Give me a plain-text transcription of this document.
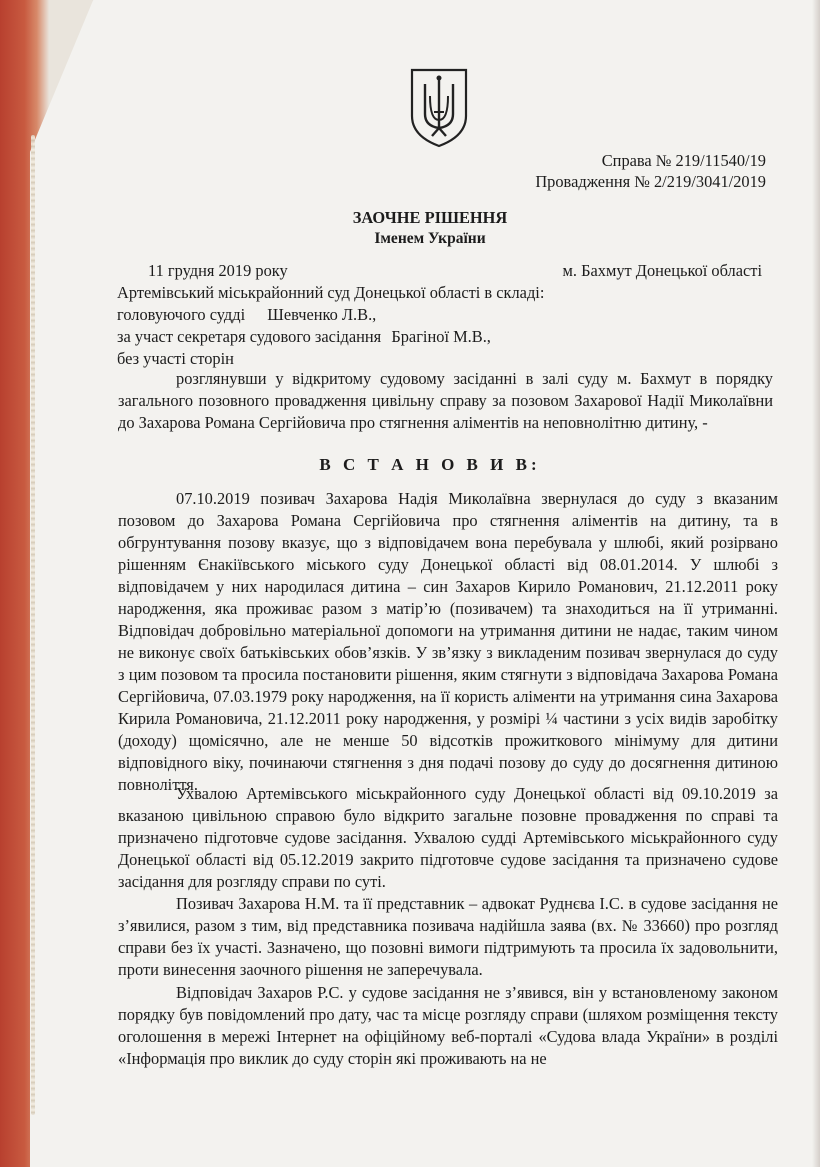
Справа № 219/11540/19
Провадження № 2/219/3041/2019
ЗАОЧНЕ РІШЕННЯ
Іменем України
11 грудня 2019 року	м. Бахмут Донецької області
Артемівський міськрайонний суд Донецької області в складі:
головуючого судді Шевченко Л.В.,
за участ секретаря судового засідання Брагіної М.В.,
без участі сторін
розглянувши у відкритому судовому засіданні в залі суду м. Бахмут в порядку загального позовного провадження цивільну справу за позовом Захарової Надії Миколаївни до Захарова Романа Сергійовича про стягнення аліментів на неповнолітню дитину, -
В С Т А Н О В И В:
07.10.2019 позивач Захарова Надія Миколаївна звернулася до суду з вказаним позовом до Захарова Романа Сергійовича про стягнення аліментів на дитину, та в обгрунтування позову вказує, що з відповідачем вона перебувала у шлюбі, який розірвано рішенням Єнакіївського міського суду Донецької області від 08.01.2014. У шлюбі з відповідачем у них народилася дитина – син Захаров Кирило Романович, 21.12.2011 року народження, яка проживає разом з матір’ю (позивачем) та знаходиться на її утриманні. Відповідач добровільно матеріальної допомоги на утримання дитини не надає, таким чином не виконує своїх батьківських обов’язків. У зв’язку з викладеним позивач звернулася до суду з цим позовом та просила постановити рішення, яким стягнути з відповідача Захарова Романа Сергійовича, 07.03.1979 року народження, на її користь аліменти на утримання сина Захарова Кирила Романовича, 21.12.2011 року народження, у розмірі ¼ частини з усіх видів заробітку (доходу) щомісячно, але не менше 50 відсотків прожиткового мінімуму для дитини відповідного віку, починаючи стягнення з дня подачі позову до суду до досягнення дитиною повноліття.
Ухвалою Артемівського міськрайонного суду Донецької області від 09.10.2019 за вказаною цивільною справою було відкрито загальне позовне провадження по справі та призначено підготовче судове засідання. Ухвалою судді Артемівського міськрайонного суду Донецької області від 05.12.2019 закрито підготовче судове засідання та призначено судове засідання для розгляду справи по суті.
Позивач Захарова Н.М. та її представник – адвокат Руднєва І.С. в судове засідання не з’явилися, разом з тим, від представника позивача надійшла заява (вх. № 33660) про розгляд справи без їх участі. Зазначено, що позовні вимоги підтримують та просила їх задовольнити, проти винесення заочного рішення не заперечувала.
Відповідач Захаров Р.С. у судове засідання не з’явився, він у встановленому законом порядку був повідомлений про дату, час та місце розгляду справи (шляхом розміщення тексту оголошення в мережі Інтернет на офіційному веб-порталі «Судова влада України» в розділі «Інформація про виклик до суду сторін які проживають на не
